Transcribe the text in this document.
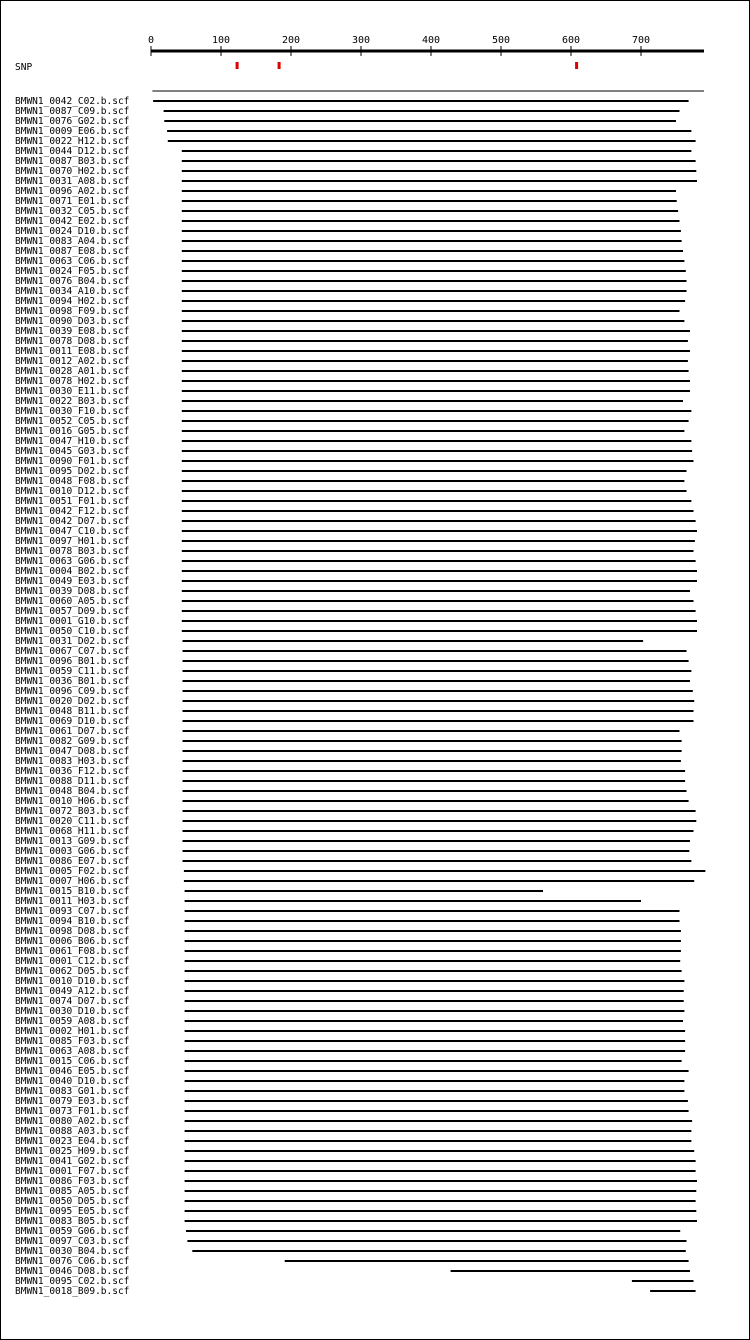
0	100	200	300	400	500	600	700
SNP
BMWN1_0042_C02.b.scf
BMWN1_0087_C09.b.scf
BMWN1_0076_G02.b.scf
BMWN1_0009_E06.b.scf
BMWN1_0022_H12.b.scf
BMWN1_0044_D12.b.scf
BMWN1_0087_B03.b.scf
BMWN1_0070_H02.b.scf
BMWN1_0031_A08.b.scf
BMWN1_0096_A02.b.scf
BMWN1_0071_E01.b.scf
BMWN1_0032_C05.b.scf
BMWN1_0042_E02.b.scf
BMWN1_0024_D10.b.scf
BMWN1_0083_A04.b.scf
BMWN1_0087_E08.b.scf
BMWN1_0063_C06.b.scf
BMWN1_0024_F05.b.scf
BMWN1_0076_B04.b.scf
BMWN1_0034_A10.b.scf
BMWN1_0094_H02.b.scf
BMWN1_0098_F09.b.scf
BMWN1_0090_D03.b.scf
BMWN1_0039_E08.b.scf
BMWN1_0078_D08.b.scf
BMWN1_0011_E08.b.scf
BMWN1_0012_A02.b.scf
BMWN1_0028_A01.b.scf
BMWN1_0078_H02.b.scf
BMWN1_0030_E11.b.scf
BMWN1_0022_B03.b.scf
BMWN1_0030_F10.b.scf
BMWN1_0052_C05.b.scf
BMWN1_0016_G05.b.scf
BMWN1_0047_H10.b.scf
BMWN1_0045_G03.b.scf
BMWN1_0090_F01.b.scf
BMWN1_0095_D02.b.scf
BMWN1_0048_F08.b.scf
BMWN1_0010_D12.b.scf
BMWN1_0051_F01.b.scf
BMWN1_0042_F12.b.scf
BMWN1_0042_D07.b.scf
BMWN1_0047_C10.b.scf
BMWN1_0097_H01.b.scf
BMWN1_0078_B03.b.scf
BMWN1_0063_G06.b.scf
BMWN1_0004_B02.b.scf
BMWN1_0049_E03.b.scf
BMWN1_0039_D08.b.scf
BMWN1_0060_A05.b.scf
BMWN1_0057_D09.b.scf
BMWN1_0001_G10.b.scf
BMWN1_0050_C10.b.scf
BMWN1_0031_D02.b.scf
BMWN1_0067_C07.b.scf
BMWN1_0096_B01.b.scf
BMWN1_0059_C11.b.scf
BMWN1_0036_B01.b.scf
BMWN1_0096_C09.b.scf
BMWN1_0020_D02.b.scf
BMWN1_0048_B11.b.scf
BMWN1_0069_D10.b.scf
BMWN1_0061_D07.b.scf
BMWN1_0082_G09.b.scf
BMWN1_0047_D08.b.scf
BMWN1_0083_H03.b.scf
BMWN1_0036_F12.b.scf
BMWN1_0088_D11.b.scf
BMWN1_0048_B04.b.scf
BMWN1_0010_H06.b.scf
BMWN1_0072_B03.b.scf
BMWN1_0020_C11.b.scf
BMWN1_0068_H11.b.scf
BMWN1_0013_G09.b.scf
BMWN1_0003_G06.b.scf
BMWN1_0086_E07.b.scf
BMWN1_0005_F02.b.scf
BMWN1_0007_H06.b.scf
BMWN1_0015_B10.b.scf
BMWN1_0011_H03.b.scf
BMWN1_0093_C07.b.scf
BMWN1_0094_B10.b.scf
BMWN1_0098_D08.b.scf
BMWN1_0006_B06.b.scf
BMWN1_0061_F08.b.scf
BMWN1_0001_C12.b.scf
BMWN1_0062_D05.b.scf
BMWN1_0010_D10.b.scf
BMWN1_0049_A12.b.scf
BMWN1_0074_D07.b.scf
BMWN1_0030_D10.b.scf
BMWN1_0059_A08.b.scf
BMWN1_0002_H01.b.scf
BMWN1_0085_F03.b.scf
BMWN1_0063_A08.b.scf
BMWN1_0015_C06.b.scf
BMWN1_0046_E05.b.scf
BMWN1_0040_D10.b.scf
BMWN1_0083_G01.b.scf
BMWN1_0079_E03.b.scf
BMWN1_0073_F01.b.scf
BMWN1_0080_A02.b.scf
BMWN1_0088_A03.b.scf
BMWN1_0023_E04.b.scf
BMWN1_0025_H09.b.scf
BMWN1_0041_G02.b.scf
BMWN1_0001_F07.b.scf
BMWN1_0086_F03.b.scf
BMWN1_0085_A05.b.scf
BMWN1_0050_D05.b.scf
BMWN1_0095_E05.b.scf
BMWN1_0083_B05.b.scf
BMWN1_0059_G06.b.scf
BMWN1_0097_C03.b.scf
BMWN1_0030_B04.b.scf
BMWN1_0076_C06.b.scf
BMWN1_0046_D08.b.scf
BMWN1_0095_C02.b.scf
BMWN1_0018_B09.b.scf
